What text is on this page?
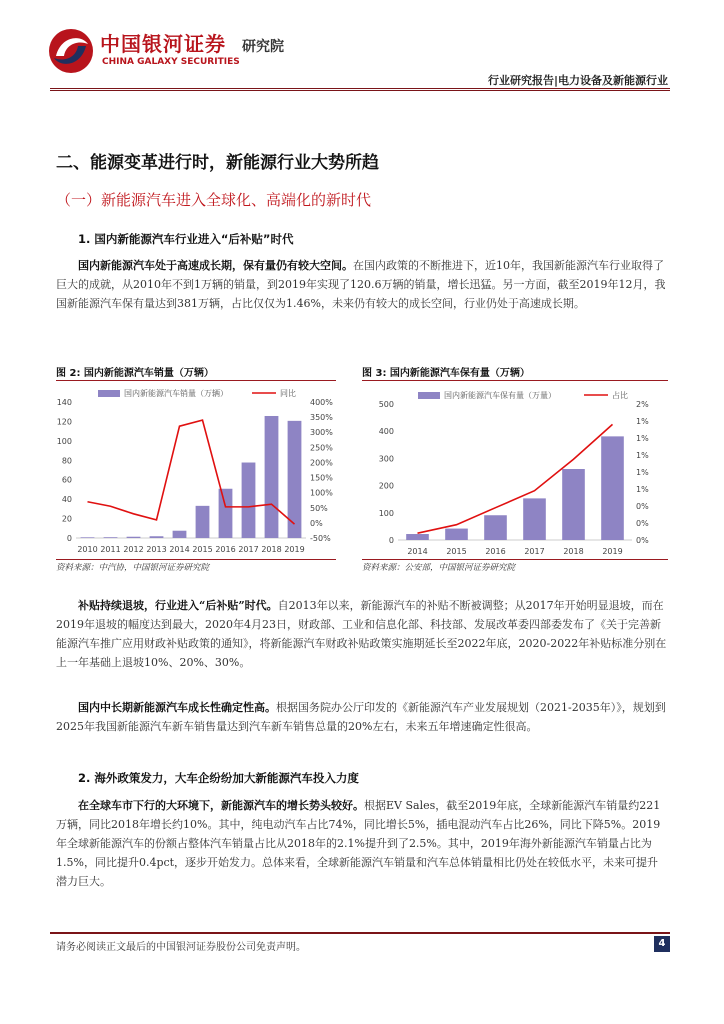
中国银河证券
CHINA GALAXY SECURITIES
研究院
行业研究报告|电力设备及新能源行业
二、能源变革进行时，新能源行业大势所趋
（一）新能源汽车进入全球化、高端化的新时代
1. 国内新能源汽车行业进入“后补贴”时代
国内新能源汽车处于高速成长期，保有量仍有较大空间。在国内政策的不断推进下，近10年，我国新能源汽车行业取得了巨大的成就，从2010年不到1万辆的销量，到2019年实现了120.6万辆的销量，增长迅猛。另一方面，截至2019年12月，我国新能源汽车保有量达到381万辆，占比仅仅为1.46%，未来仍有较大的成长空间，行业仍处于高速成长期。
图 2: 国内新能源汽车销量（万辆）
国内新能源汽车销量（万辆）	同比
0
20
40
60
80
100
120
140
-50%
0%
50%
100%
150%
200%
250%
300%
350%
400%
2010 2011 2012 2013 2014 2015 2016 2017 2018 2019
资料来源：中汽协，中国银河证券研究院
图 3: 国内新能源汽车保有量（万辆）
国内新能源汽车保有量（万量）	占比
0
100
200
300
400
500
0%
0%
0%
1%
1%
1%
1%
1%
2%
2014 2015 2016 2017 2018 2019
资料来源：公安部，中国银河证券研究院
补贴持续退坡，行业进入“后补贴”时代。自2013年以来，新能源汽车的补贴不断被调整；从2017年开始明显退坡，而在2019年退坡的幅度达到最大，2020年4月23日，财政部、工业和信息化部、科技部、发展改革委四部委发布了《关于完善新能源汽车推广应用财政补贴政策的通知》，将新能源汽车财政补贴政策实施期延长至2022年底，2020-2022年补贴标准分别在上一年基础上退坡10%、20%、30%。
国内中长期新能源汽车成长性确定性高。根据国务院办公厅印发的《新能源汽车产业发展规划（2021-2035年）》，规划到2025年我国新能源汽车新车销售量达到汽车新车销售总量的20%左右，未来五年增速确定性很高。
2. 海外政策发力，大车企纷纷加大新能源汽车投入力度
在全球车市下行的大环境下，新能源汽车的增长势头较好。根据EV Sales，截至2019年底，全球新能源汽车销量约221万辆，同比2018年增长约10%。其中，纯电动汽车占比74%，同比增长5%，插电混动汽车占比26%，同比下降5%。2019年全球新能源汽车的份额占整体汽车销量占比从2018年的2.1%提升到了2.5%。其中，2019年海外新能源汽车销量占比为1.5%，同比提升0.4pct，逐步开始发力。总体来看，全球新能源汽车销量和汽车总体销量相比仍处在较低水平，未来可提升潜力巨大。
请务必阅读正文最后的中国银河证券股份公司免责声明。	4
